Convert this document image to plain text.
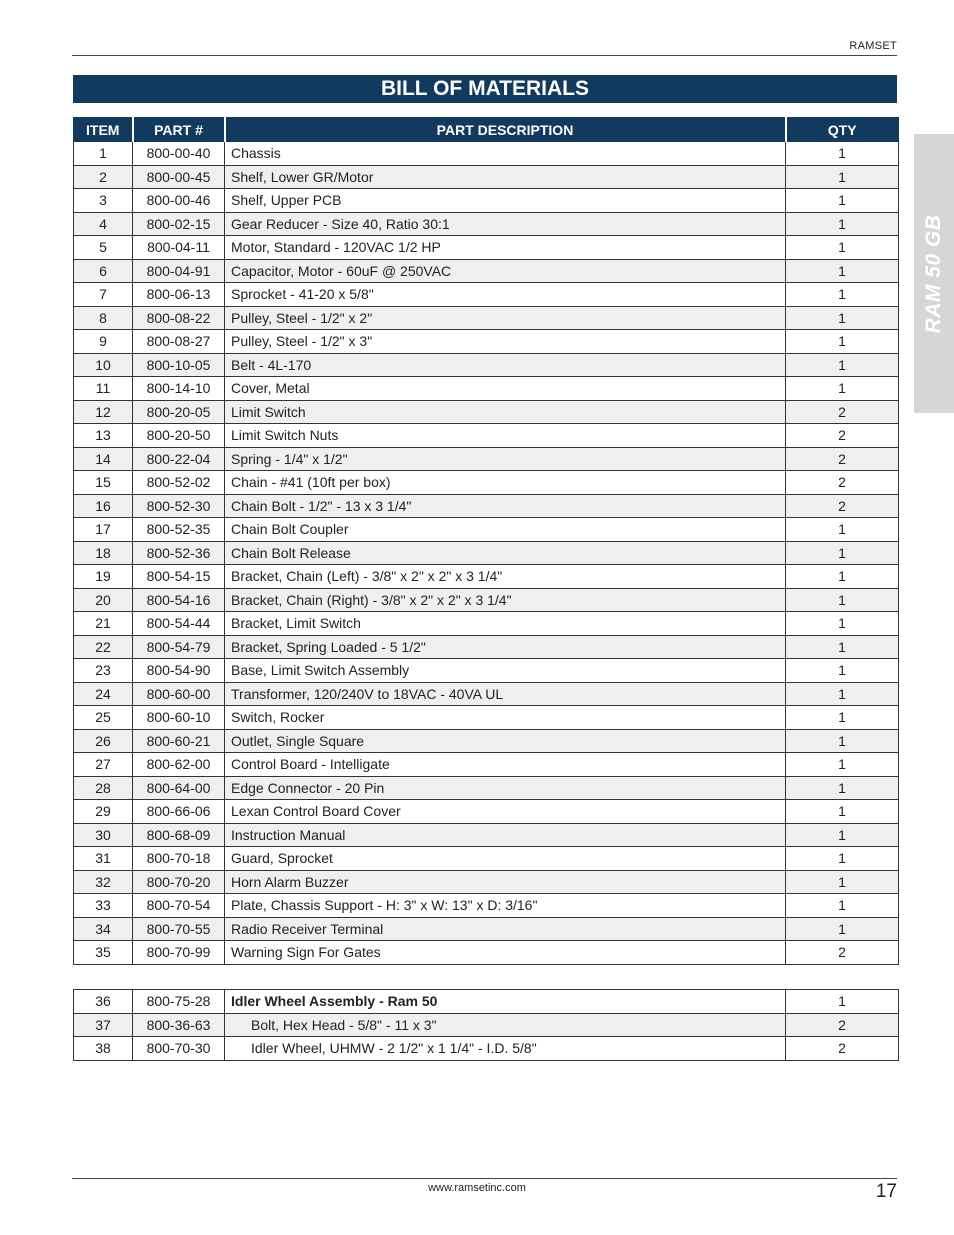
RAMSET
BILL OF MATERIALS
RAM 50 GB
ITEM	PART #	PART DESCRIPTION	QTY
1	800-00-40	Chassis	1
2	800-00-45	Shelf, Lower GR/Motor	1
3	800-00-46	Shelf, Upper PCB	1
4	800-02-15	Gear Reducer - Size 40, Ratio 30:1	1
5	800-04-11	Motor, Standard - 120VAC 1/2 HP	1
6	800-04-91	Capacitor, Motor - 60uF @ 250VAC	1
7	800-06-13	Sprocket - 41-20 x 5/8"	1
8	800-08-22	Pulley, Steel - 1/2" x 2"	1
9	800-08-27	Pulley, Steel - 1/2" x 3"	1
10	800-10-05	Belt - 4L-170	1
11	800-14-10	Cover, Metal	1
12	800-20-05	Limit Switch	2
13	800-20-50	Limit Switch Nuts	2
14	800-22-04	Spring - 1/4" x 1/2"	2
15	800-52-02	Chain - #41 (10ft per box)	2
16	800-52-30	Chain Bolt - 1/2" - 13 x 3 1/4"	2
17	800-52-35	Chain Bolt Coupler	1
18	800-52-36	Chain Bolt Release	1
19	800-54-15	Bracket, Chain (Left) - 3/8" x 2" x 2" x 3 1/4"	1
20	800-54-16	Bracket, Chain (Right) - 3/8" x 2" x 2" x 3 1/4"	1
21	800-54-44	Bracket, Limit Switch	1
22	800-54-79	Bracket, Spring Loaded - 5 1/2"	1
23	800-54-90	Base, Limit Switch Assembly	1
24	800-60-00	Transformer, 120/240V to 18VAC - 40VA UL	1
25	800-60-10	Switch, Rocker	1
26	800-60-21	Outlet, Single Square	1
27	800-62-00	Control Board - Intelligate	1
28	800-64-00	Edge Connector - 20 Pin	1
29	800-66-06	Lexan Control Board Cover	1
30	800-68-09	Instruction Manual	1
31	800-70-18	Guard, Sprocket	1
32	800-70-20	Horn Alarm Buzzer	1
33	800-70-54	Plate, Chassis Support - H: 3" x W: 13" x D: 3/16"	1
34	800-70-55	Radio Receiver Terminal	1
35	800-70-99	Warning Sign For Gates	2
36	800-75-28	Idler Wheel Assembly - Ram 50	1
37	800-36-63	Bolt, Hex Head - 5/8" - 11 x 3"	2
38	800-70-30	Idler Wheel, UHMW - 2 1/2" x 1 1/4" - I.D. 5/8"	2
www.ramsetinc.com	17
